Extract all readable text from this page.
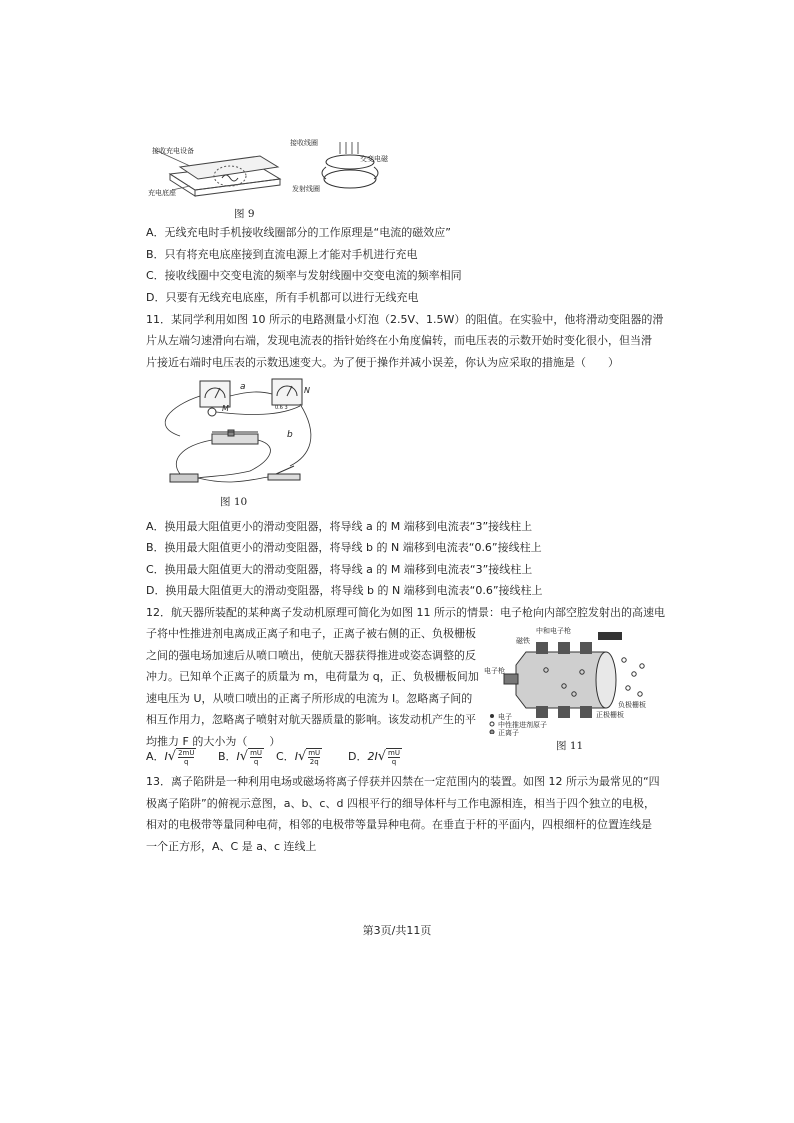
接收充电设备
充电底座
接收线圈
交变电磁
发射线圈
图 9
A．无线充电时手机接收线圈部分的工作原理是“电流的磁效应”
B．只有将充电底座接到直流电源上才能对手机进行充电
C．接收线圈中交变电流的频率与发射线圈中交变电流的频率相同
D．只要有无线充电底座，所有手机都可以进行无线充电
11．某同学利用如图 10 所示的电路测量小灯泡（2.5V、1.5W）的阻值。在实验中，他将滑动变阻器的滑
片从左端匀速滑向右端，发现电流表的指针始终在小角度偏转，而电压表的示数开始时变化很小，但当滑
片接近右端时电压表的示数迅速变大。为了便于操作并减小误差，你认为应采取的措施是（　　）
a
M
N
0.6 3
b
图 10
A．换用最大阻值更小的滑动变阻器，将导线 a 的 M 端移到电流表“3”接线柱上
B．换用最大阻值更小的滑动变阻器，将导线 b 的 N 端移到电流表“0.6”接线柱上
C．换用最大阻值更大的滑动变阻器，将导线 a 的 M 端移到电流表“3”接线柱上
D．换用最大阻值更大的滑动变阻器，将导线 b 的 N 端移到电流表“0.6”接线柱上
12．航天器所装配的某种离子发动机原理可简化为如图 11 所示的情景：电子枪向内部空腔发射出的高速电
子将中性推进剂电离成正离子和电子，正离子被右侧的正、负极栅板
之间的强电场加速后从喷口喷出，使航天器获得推进或姿态调整的反
冲力。已知单个正离子的质量为 m，电荷量为 q，正、负极栅板间加
速电压为 U，从喷口喷出的正离子所形成的电流为 I。忽略离子间的
相互作用力，忽略离子喷射对航天器质量的影响。该发动机产生的平
均推力 F 的大小为（　　）
A．$I√ \frac{2mU}{q}$ B．$I√ \frac{mU}{q}$ C．$I√ \frac{mU}{2q}$	D．$2I√ \frac{mU}{q}$
中和电子枪
磁铁
电子枪
负极栅板
正极栅板
电子
中性推进剂原子
正离子
图 11
13．离子陷阱是一种利用电场或磁场将离子俘获并囚禁在一定范围内的装置。如图 12 所示为最常见的“四
极离子陷阱”的俯视示意图，a、b、c、d 四根平行的细导体杆与工作电源相连，相当于四个独立的电极，
相对的电极带等量同种电荷，相邻的电极带等量异种电荷。在垂直于杆的平面内，四根细杆的位置连线是
一个正方形，A、C 是 a、c 连线上
第3页/共11页
